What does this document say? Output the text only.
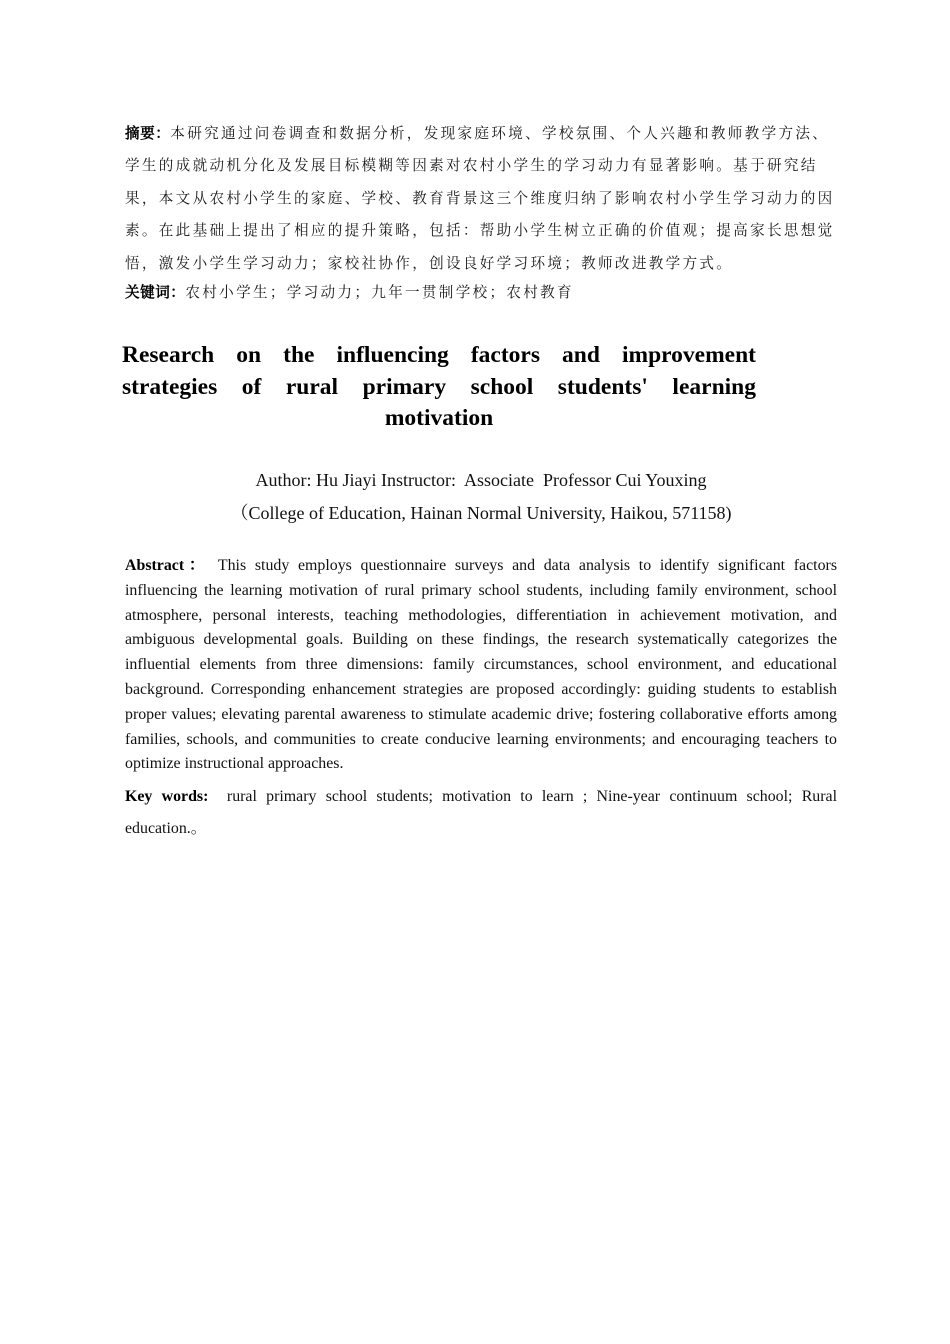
摘要：本研究通过问卷调查和数据分析，发现家庭环境、学校氛围、个人兴趣和教师教学方法、学生的成就动机分化及发展目标模糊等因素对农村小学生的学习动力有显著影响。基于研究结果，本文从农村小学生的家庭、学校、教育背景这三个维度归纳了影响农村小学生学习动力的因素。在此基础上提出了相应的提升策略，包括：帮助小学生树立正确的价值观；提高家长思想觉悟，激发小学生学习动力；家校社协作，创设良好学习环境；教师改进教学方式。

关键词：农村小学生；学习动力；九年一贯制学校；农村教育

Research on the influencing factors and improvement strategies of rural primary school students' learning motivation

Author: Hu Jiayi Instructor:  Associate  Professor Cui Youxing

（College of Education, Hainan Normal University, Haikou, 571158)

Abstract： This study employs questionnaire surveys and data analysis to identify significant factors influencing the learning motivation of rural primary school students, including family environment, school atmosphere, personal interests, teaching methodologies, differentiation in achievement motivation, and ambiguous developmental goals. Building on these findings, the research systematically categorizes the influential elements from three dimensions: family circumstances, school environment, and educational background. Corresponding enhancement strategies are proposed accordingly: guiding students to establish proper values; elevating parental awareness to stimulate academic drive; fostering collaborative efforts among families, schools, and communities to create conducive learning environments; and encouraging teachers to optimize instructional approaches.

Key words: rural primary school students; motivation to learn ; Nine-year continuum school; Rural education.。
